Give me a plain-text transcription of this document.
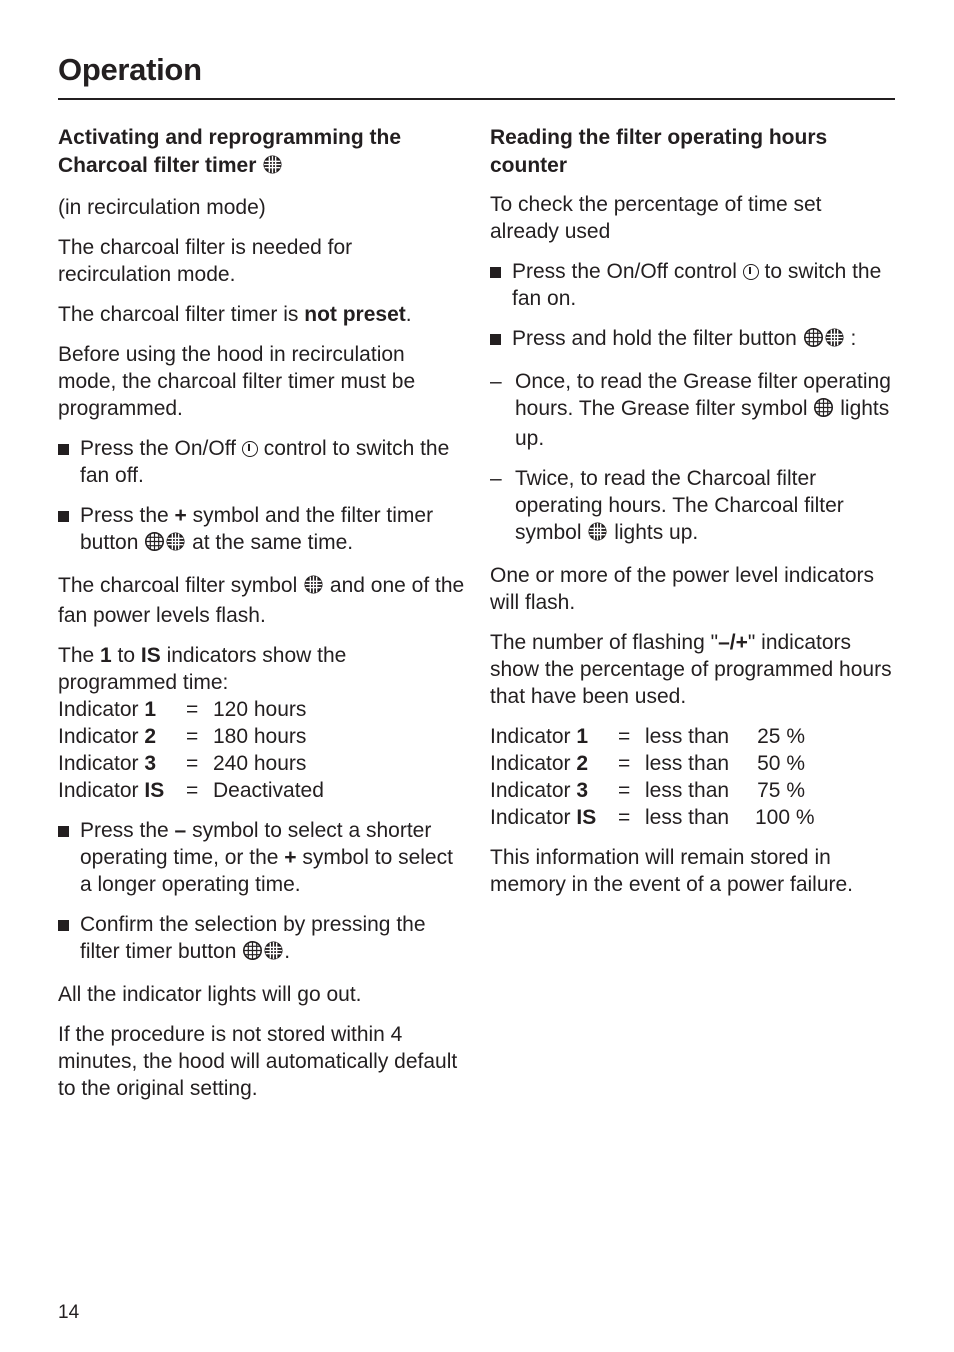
Operation
Activating and reprogramming the Charcoal filter timer

(in recirculation mode)

The charcoal filter is needed for recirculation mode.

The charcoal filter timer is not preset.

Before using the hood in recirculation mode, the charcoal filter timer must be programmed.

Press the On/Off  control to switch the fan off.
Press the + symbol and the filter timer button  at the same time.

The charcoal filter symbol  and one of the fan power levels flash.

The 1 to IS indicators show the programmed time:

Indicator 1	= 120 hours
Indicator 2	= 180 hours
Indicator 3	= 240 hours
Indicator IS	= Deactivated
Press the – symbol to select a shorter operating time, or the + symbol to select a longer operating time.
Confirm the selection by pressing the filter timer button .

All the indicator lights will go out.

If the procedure is not stored within 4 minutes, the hood will automatically default to the original setting.

Reading the filter operating hours counter

To check the percentage of time set already used

Press the On/Off control  to switch the fan on.
Press and hold the filter button  :
– Once, to read the Grease filter operating hours. The Grease filter symbol  lights up.
– Twice, to read the Charcoal filter operating hours. The Charcoal filter symbol  lights up.

One or more of the power level indicators will flash.

The number of flashing "–/+" indicators show the percentage of programmed hours that have been used.

Indicator 1	= less than	25 %
Indicator 2	= less than	50 %
Indicator 3	= less than	75 %
Indicator IS	= less than	100 %

This information will remain stored in memory in the event of a power failure.

14
